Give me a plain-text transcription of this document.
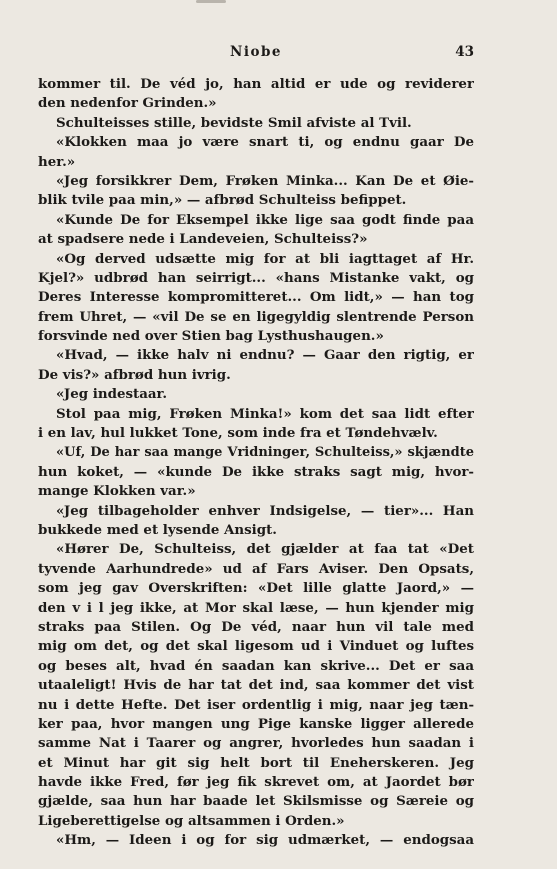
Niobe	43
kommer til. De véd jo, han altid er ude og reviderer
den nedenfor Grinden.»
Schulteisses stille, bevidste Smil afviste al Tvil.
«Klokken maa jo være snart ti, og endnu gaar De
her.»
«Jeg forsikkrer Dem, Frøken Minka... Kan De et Øie-
blik tvile paa min,» — afbrød Schulteiss befippet.
«Kunde De for Eksempel ikke lige saa godt finde paa
at spadsere nede i Landeveien, Schulteiss?»
«Og derved udsætte mig for at bli iagttaget af Hr.
Kjel?» udbrød han seirrigt... «hans Mistanke vakt, og
Deres Interesse kompromitteret... Om lidt,» — han tog
frem Uhret, — «vil De se en ligegyldig slentrende Person
forsvinde ned over Stien bag Lysthushaugen.»
«Hvad, — ikke halv ni endnu? — Gaar den rigtig, er
De vis?» afbrød hun ivrig.
«Jeg indestaar.
Stol paa mig, Frøken Minka!» kom det saa lidt efter
i en lav, hul lukket Tone, som inde fra et Tøndehvælv.
«Uf, De har saa mange Vridninger, Schulteiss,» skjændte
hun koket, — «kunde De ikke straks sagt mig, hvor-
mange Klokken var.»
«Jeg tilbageholder enhver Indsigelse, — tier»... Han
bukkede med et lysende Ansigt.
«Hører De, Schulteiss, det gjælder at faa tat «Det
tyvende Aarhundrede» ud af Fars Aviser. Den Opsats,
som jeg gav Overskriften: «Det lille glatte Jaord,» —
den v i l jeg ikke, at Mor skal læse, — hun kjender mig
straks paa Stilen. Og De véd, naar hun vil tale med
mig om det, og det skal ligesom ud i Vinduet og luftes
og beses alt, hvad én saadan kan skrive... Det er saa
utaaleligt! Hvis de har tat det ind, saa kommer det vist
nu i dette Hefte. Det iser ordentlig i mig, naar jeg tæn-
ker paa, hvor mangen ung Pige kanske ligger allerede
samme Nat i Taarer og angrer, hvorledes hun saadan i
et Minut har git sig helt bort til Eneherskeren. Jeg
havde ikke Fred, før jeg fik skrevet om, at Jaordet bør
gjælde, saa hun har baade let Skilsmisse og Særeie og
Ligeberettigelse og altsammen i Orden.»
«Hm, — Ideen i og for sig udmærket, — endogsaa
